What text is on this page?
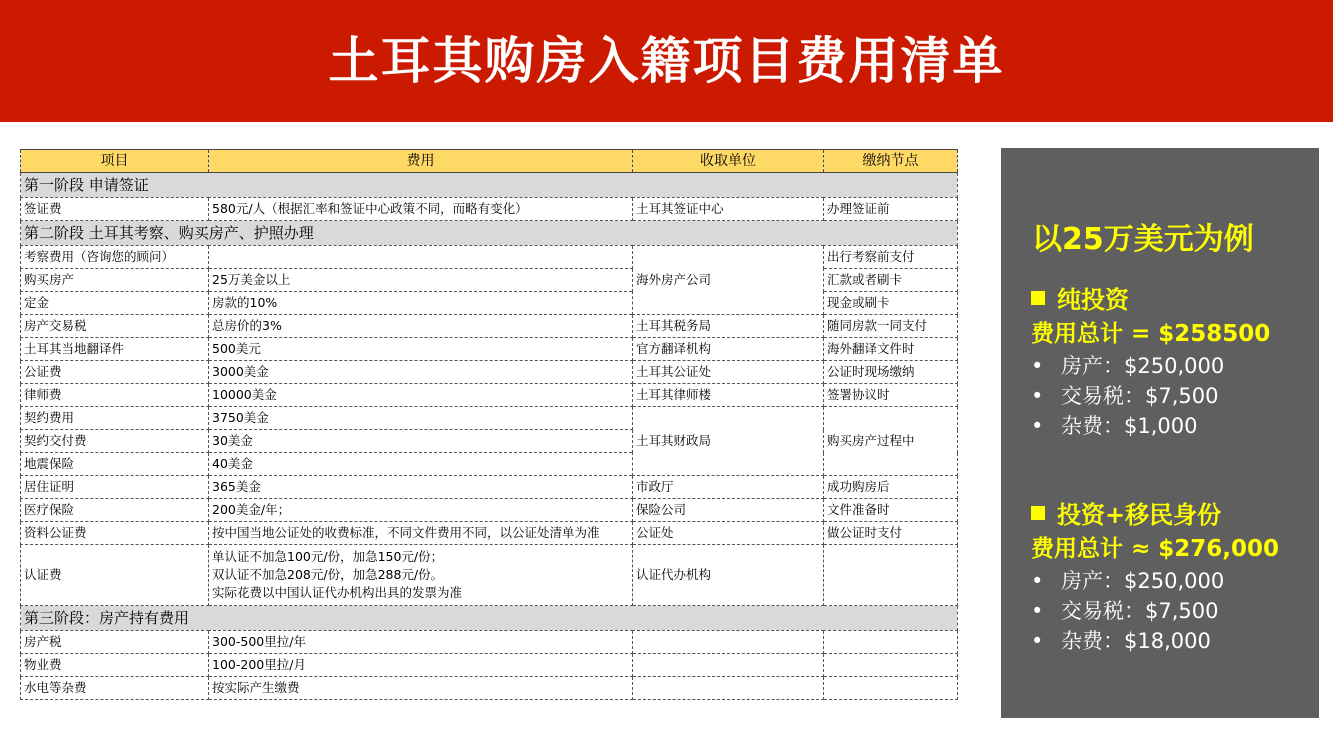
土耳其购房入籍项目费用清单
项目	费用	收取单位	缴纳节点
第一阶段 申请签证			
签证费	580元/人（根据汇率和签证中心政策不同，而略有变化）	土耳其签证中心	办理签证前
第二阶段 土耳其考察、购买房产、护照办理			
考察费用（咨询您的顾问）		海外房产公司	出行考察前支付
购买房产	25万美金以上		汇款或者刷卡
定金	房款的10%		现金或刷卡
房产交易税	总房价的3%	土耳其税务局	随同房款一同支付
土耳其当地翻译件	500美元	官方翻译机构	海外翻译文件时
公证费	3000美金	土耳其公证处	公证时现场缴纳
律师费	10000美金	土耳其律师楼	签署协议时
契约费用	3750美金	土耳其财政局	购买房产过程中
契约交付费	30美金		
地震保险	40美金		
居住证明	365美金	市政厅	成功购房后
医疗保险	200美金/年；	保险公司	文件准备时
资料公证费	按中国当地公证处的收费标准，不同文件费用不同，以公证处清单为准	公证处	做公证时支付
认证费	单认证不加急100元/份，加急150元/份；
双认证不加急208元/份，加急288元/份。
实际花费以中国认证代办机构出具的发票为准	认证代办机构	
第三阶段：房产持有费用			
房产税	300-500里拉/年		
物业费	100-200里拉/月		
水电等杂费	按实际产生缴费		
以25万美元为例
纯投资
费用总计 = $258500
• 房产：$250,000
• 交易税：$7,500
• 杂费：$1,000
投资+移民身份
费用总计 ≈ $276,000
• 房产：$250,000
• 交易税：$7,500
• 杂费：$18,000
